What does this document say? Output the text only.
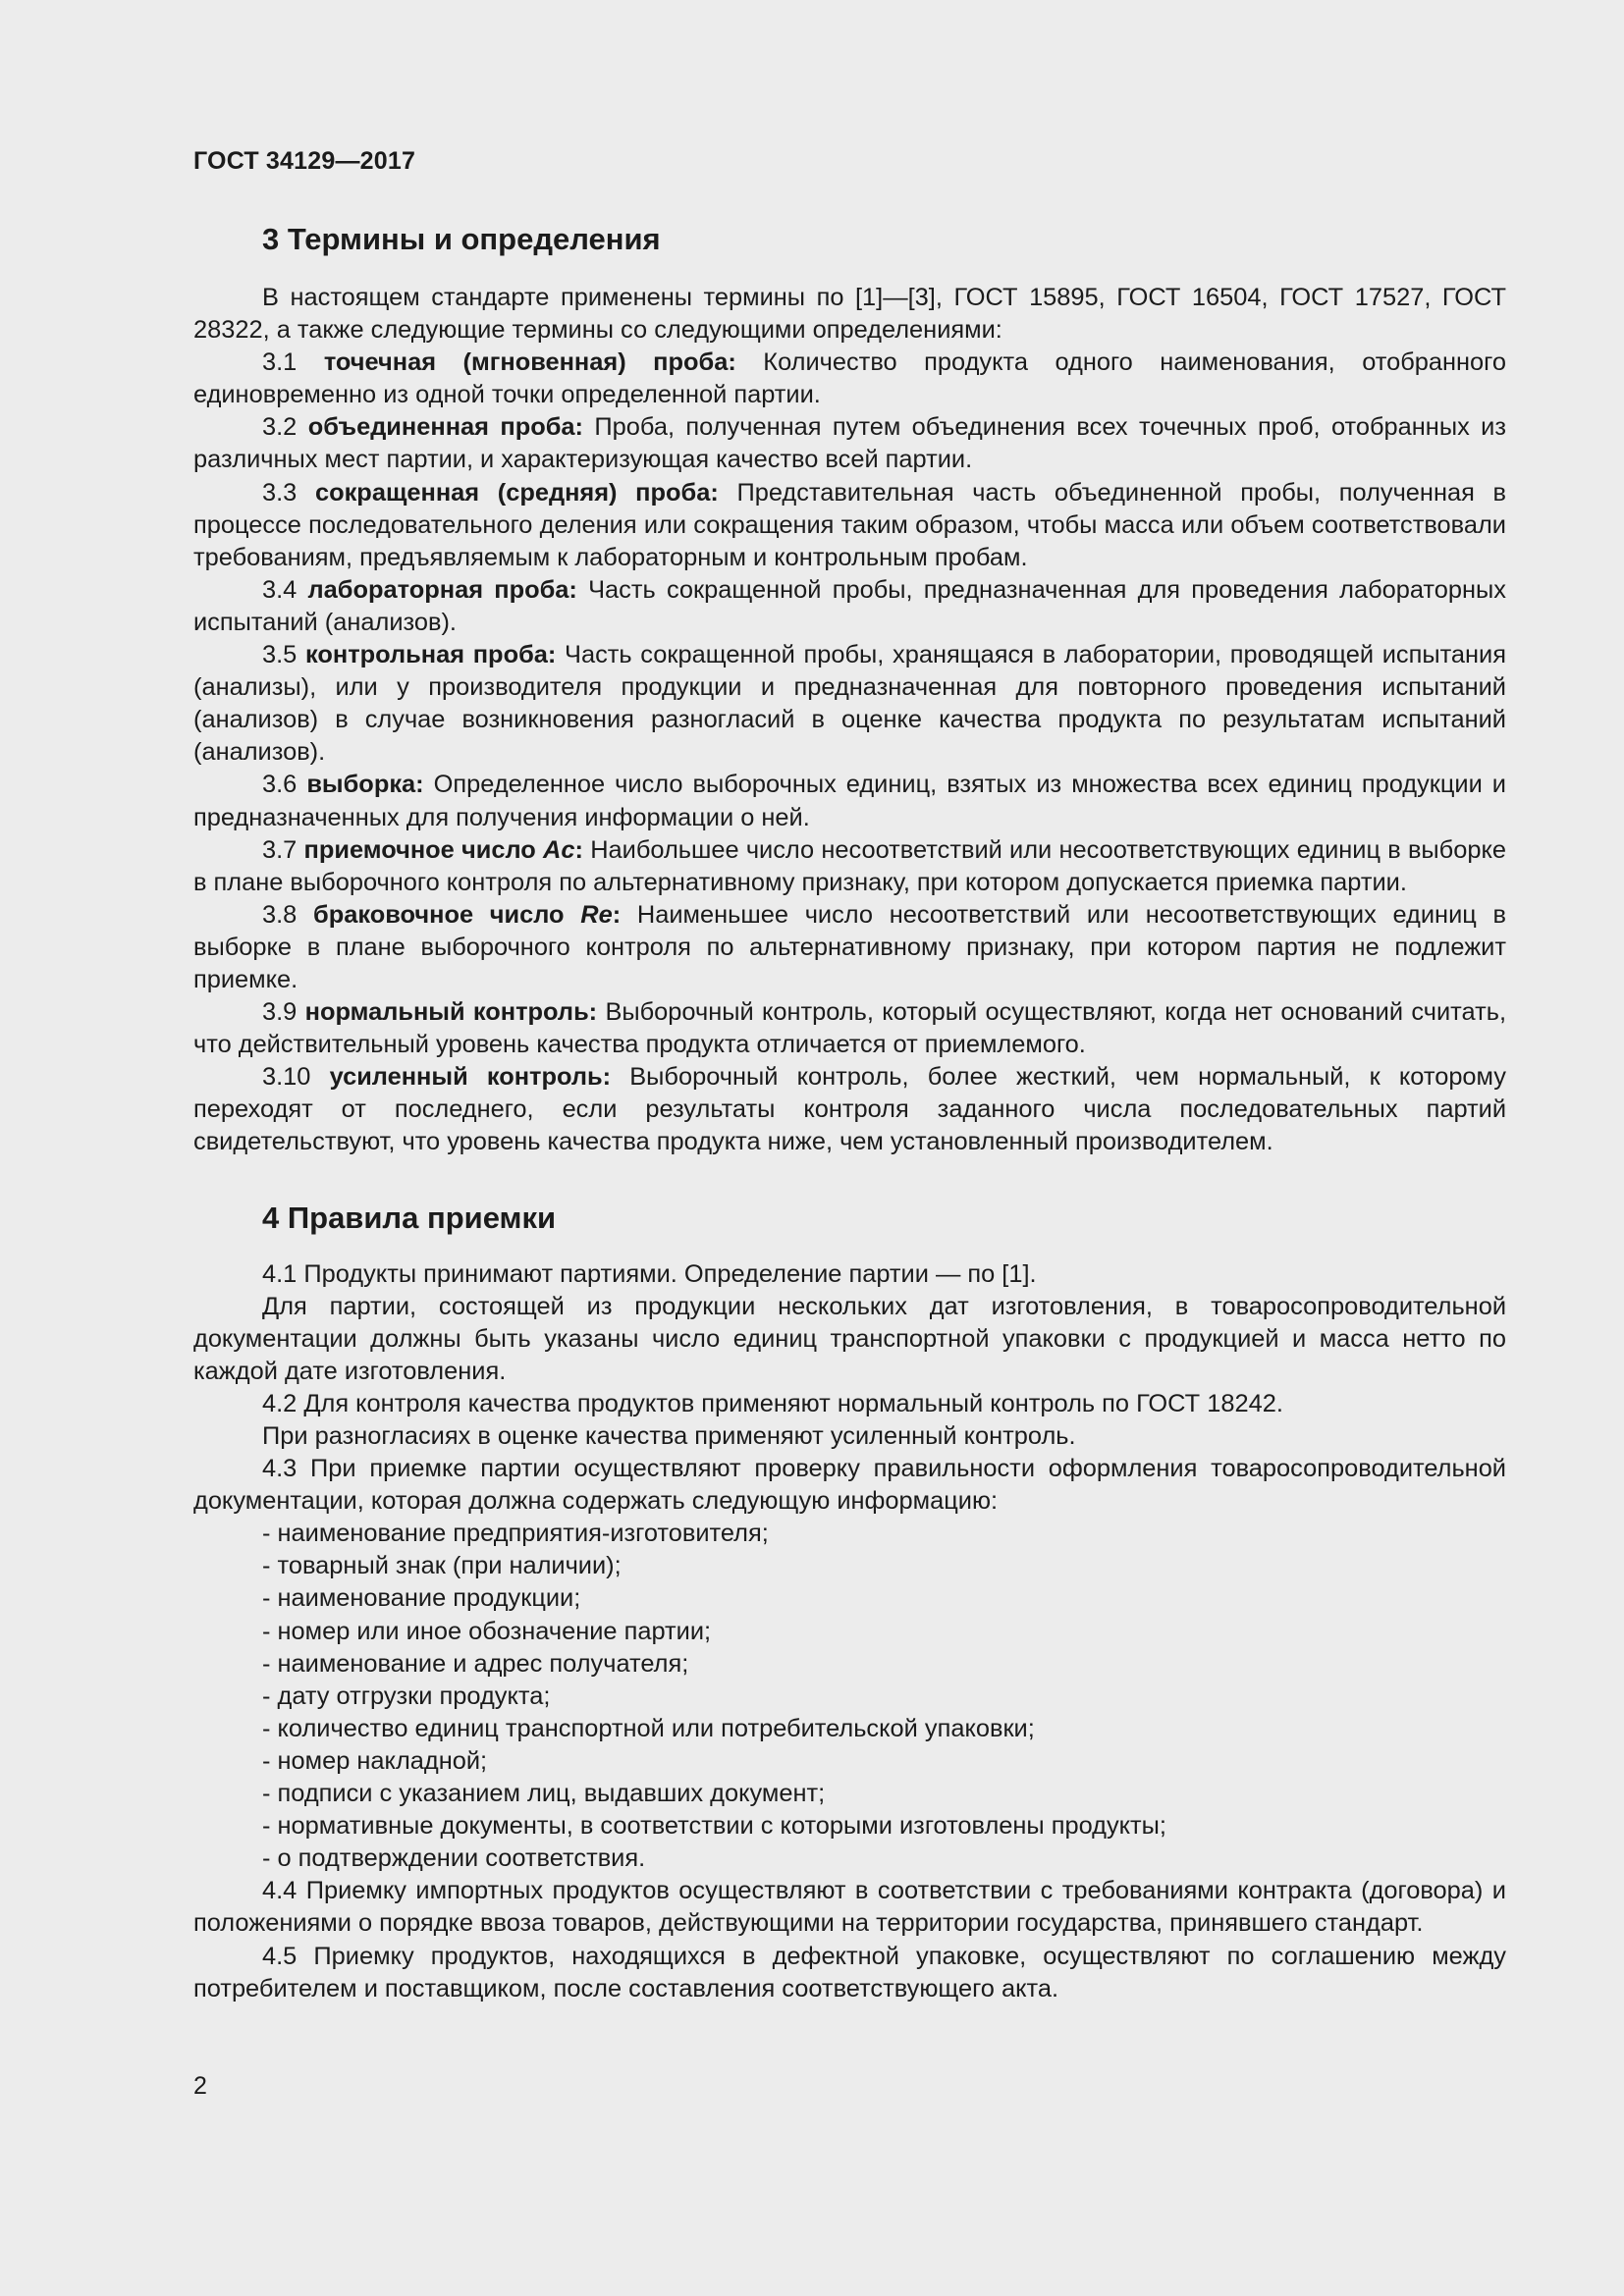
ГОСТ 34129—2017
3 Термины и определения

В настоящем стандарте применены термины по [1]—[3], ГОСТ 15895, ГОСТ 16504, ГОСТ 17527, ГОСТ 28322, а также следующие термины со следующими определениями:

3.1 точечная (мгновенная) проба: Количество продукта одного наименования, отобранного единовременно из одной точки определенной партии.

3.2 объединенная проба: Проба, полученная путем объединения всех точечных проб, отобранных из различных мест партии, и характеризующая качество всей партии.

3.3 сокращенная (средняя) проба: Представительная часть объединенной пробы, полученная в процессе последовательного деления или сокращения таким образом, чтобы масса или объем соответствовали требованиям, предъявляемым к лабораторным и контрольным пробам.

3.4 лабораторная проба: Часть сокращенной пробы, предназначенная для проведения лабораторных испытаний (анализов).

3.5 контрольная проба: Часть сокращенной пробы, хранящаяся в лаборатории, проводящей испытания (анализы), или у производителя продукции и предназначенная для повторного проведения испытаний (анализов) в случае возникновения разногласий в оценке качества продукта по результатам испытаний (анализов).

3.6 выборка: Определенное число выборочных единиц, взятых из множества всех единиц продукции и предназначенных для получения информации о ней.

3.7 приемочное число Ac: Наибольшее число несоответствий или несоответствующих единиц в выборке в плане выборочного контроля по альтернативному признаку, при котором допускается приемка партии.

3.8 браковочное число Re: Наименьшее число несоответствий или несоответствующих единиц в выборке в плане выборочного контроля по альтернативному признаку, при котором партия не подлежит приемке.

3.9 нормальный контроль: Выборочный контроль, который осуществляют, когда нет оснований считать, что действительный уровень качества продукта отличается от приемлемого.

3.10 усиленный контроль: Выборочный контроль, более жесткий, чем нормальный, к которому переходят от последнего, если результаты контроля заданного числа последовательных партий свидетельствуют, что уровень качества продукта ниже, чем установленный производителем.

4 Правила приемки

4.1 Продукты принимают партиями. Определение партии — по [1].

Для партии, состоящей из продукции нескольких дат изготовления, в товаросопроводительной документации должны быть указаны число единиц транспортной упаковки с продукцией и масса нетто по каждой дате изготовления.

4.2 Для контроля качества продуктов применяют нормальный контроль по ГОСТ 18242.

При разногласиях в оценке качества применяют усиленный контроль.

4.3 При приемке партии осуществляют проверку правильности оформления товаросопроводительной документации, которая должна содержать следующую информацию:

- наименование предприятия-изготовителя;

- товарный знак (при наличии);

- наименование продукции;

- номер или иное обозначение партии;

- наименование и адрес получателя;

- дату отгрузки продукта;

- количество единиц транспортной или потребительской упаковки;

- номер накладной;

- подписи с указанием лиц, выдавших документ;

- нормативные документы, в соответствии с которыми изготовлены продукты;

- о подтверждении соответствия.

4.4 Приемку импортных продуктов осуществляют в соответствии с требованиями контракта (договора) и положениями о порядке ввоза товаров, действующими на территории государства, принявшего стандарт.

4.5 Приемку продуктов, находящихся в дефектной упаковке, осуществляют по соглашению между потребителем и поставщиком, после составления соответствующего акта.

2
